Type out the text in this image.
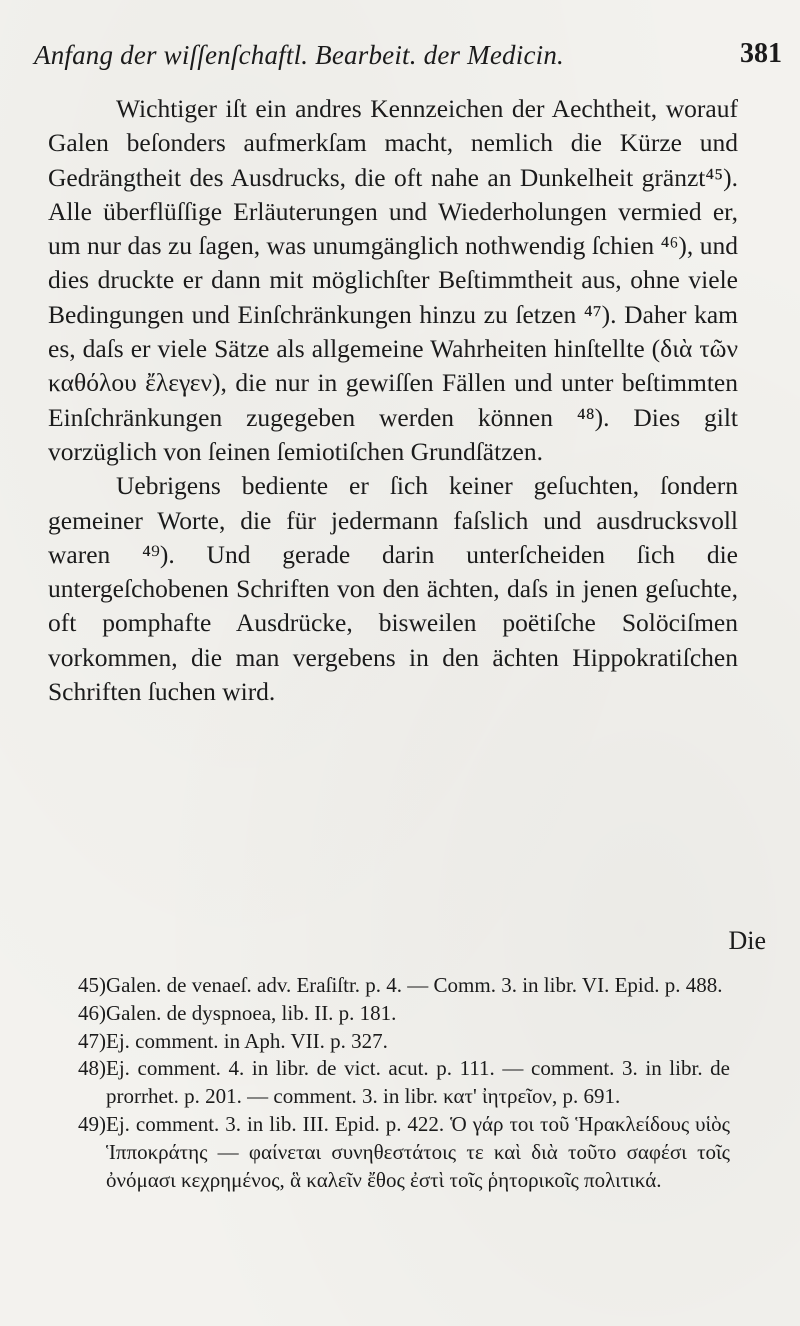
Anfang der wiſſenſchaftl. Bearbeit. der Medicin.	381

Wichtiger iſt ein andres Kennzeichen der Aechtheit, worauf Galen beſonders aufmerkſam macht, nemlich die Kürze und Gedrängtheit des Ausdrucks, die oft nahe an Dunkelheit gränzt⁴⁵). Alle überflüſſige Erläuterungen und Wiederholungen vermied er, um nur das zu ſagen, was unumgänglich nothwendig ſchien ⁴⁶), und dies druckte er dann mit möglichſter Beſtimmtheit aus, ohne viele Bedingungen und Einſchränkungen hinzu zu ſetzen ⁴⁷). Daher kam es, daſs er viele Sätze als allgemeine Wahrheiten hinſtellte (διὰ τῶν καθόλου ἔλεγεν), die nur in gewiſſen Fällen und unter beſtimmten Einſchränkungen zugegeben werden können ⁴⁸). Dies gilt vorzüglich von ſeinen ſemiotiſchen Grundſätzen.

Uebrigens bediente er ſich keiner geſuchten, ſondern gemeiner Worte, die für jedermann faſslich und ausdrucksvoll waren ⁴⁹). Und gerade darin unterſcheiden ſich die untergeſchobenen Schriften von den ächten, daſs in jenen geſuchte, oft pomphafte Ausdrücke, bisweilen poëtiſche Solöciſmen vorkommen, die man vergebens in den ächten Hippokratiſchen Schriften ſuchen wird.

Die
45) Galen. de venaeſ. adv. Eraſiſtr. p. 4. — Comm. 3. in libr. VI. Epid. p. 488.
46) Galen. de dyspnoea, lib. II. p. 181.
47) Ej. comment. in Aph. VII. p. 327.
48) Ej. comment. 4. in libr. de vict. acut. p. 111. — comment. 3. in libr. de prorrhet. p. 201. — comment. 3. in libr. κατ' ἰητρεῖον, p. 691.
49) Ej. comment. 3. in lib. III. Epid. p. 422. Ὁ γάρ τοι τοῦ Ἡρακλείδους υἱὸς Ἱπποκράτης — φαίνεται συνηθεστάτοις τε καὶ διὰ τοῦτο σαφέσι τοῖς ὀνόμασι κεχρημένος, ἃ καλεῖν ἔθος ἐστὶ τοῖς ῥητορικοῖς πολιτικά.
